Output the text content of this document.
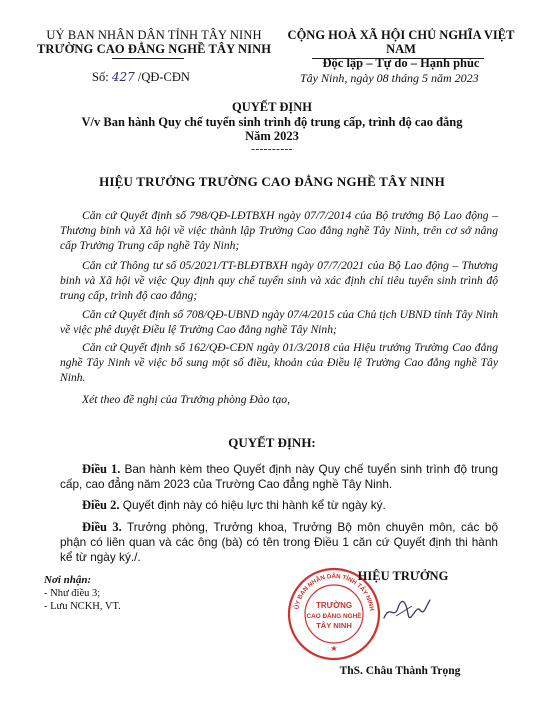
UỶ BAN NHÂN DÂN TỈNH TÂY NINH
TRƯỜNG CAO ĐẲNG NGHỀ TÂY NINH
CỘNG HOÀ XÃ HỘI CHỦ NGHĨA VIỆT NAM
Độc lập – Tự do – Hạnh phúc
Số: 427 /QĐ-CĐN	Tây Ninh, ngày 08 tháng 5 năm 2023
QUYẾT ĐỊNH
V/v Ban hành Quy chế tuyển sinh trình độ trung cấp, trình độ cao đẳng
Năm 2023
----------
HIỆU TRƯỞNG TRƯỜNG CAO ĐẲNG NGHỀ TÂY NINH
Căn cứ Quyết định số 798/QĐ-LĐTBXH ngày 07/7/2014 của Bộ trưởng Bộ Lao động – Thương binh và Xã hội về việc thành lập Trường Cao đẳng nghề Tây Ninh, trên cơ sở nâng cấp Trường Trung cấp nghề Tây Ninh;
Căn cứ Thông tư số 05/2021/TT-BLĐTBXH ngày 07/7/2021 của Bộ Lao động – Thương binh và Xã hội về việc Quy định quy chế tuyển sinh và xác định chỉ tiêu tuyển sinh trình độ trung cấp, trình độ cao đẳng;
Căn cứ Quyết định số 708/QĐ-UBND ngày 07/4/2015 của Chủ tịch UBND tỉnh Tây Ninh về việc phê duyệt Điều lệ Trường Cao đẳng nghề Tây Ninh;
Căn cứ Quyết định số 162/QĐ-CĐN ngày 01/3/2018 của Hiệu trưởng Trường Cao đẳng nghề Tây Ninh về việc bổ sung một số điều, khoản của Điều lệ Trường Cao đẳng nghề Tây Ninh.
Xét theo đề nghị của Trưởng phòng Đào tạo,
QUYẾT ĐỊNH:
Điều 1. Ban hành kèm theo Quyết định này Quy chế tuyển sinh trình độ trung cấp, cao đẳng năm 2023 của Trường Cao đẳng nghề Tây Ninh.
Điều 2. Quyết định này có hiệu lực thi hành kể từ ngày ký.
Điều 3. Trưởng phòng, Trưởng khoa, Trưởng Bộ môn chuyên môn, các bộ phận có liên quan và các ông (bà) có tên trong Điều 1 căn cứ Quyết định thi hành kể từ ngày ký./.
Nơi nhận:
- Như điều 3;
- Lưu NCKH, VT.	ỦY BAN NHÂN DÂN TỈNH TÂY NINH
TRƯỜNG
CAO ĐẲNG NGHỀ
TÂY NINH
★
HIỆU TRƯỞNG
ThS. Châu Thành Trọng
